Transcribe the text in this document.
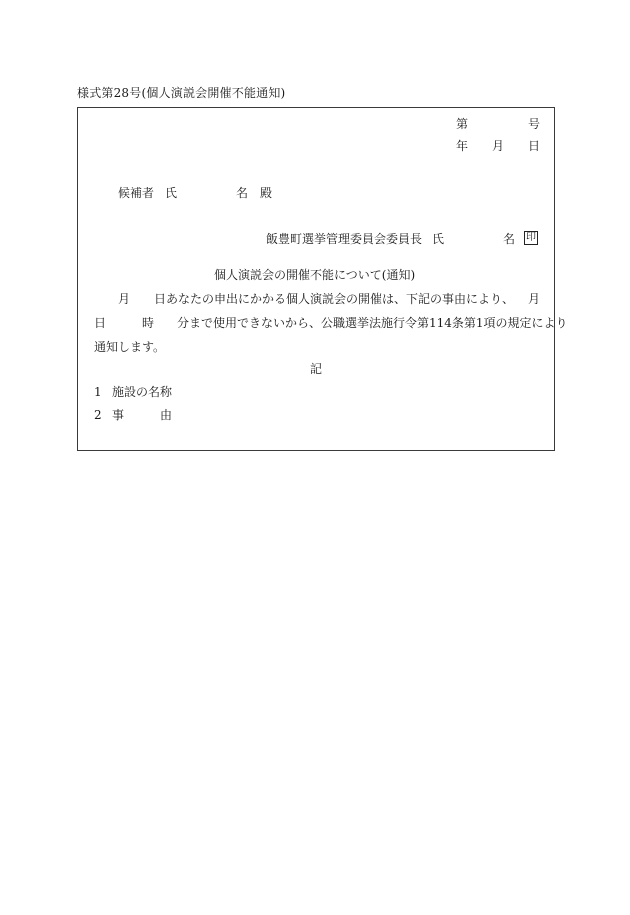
様式第28号(個人演説会開催不能通知)
第	号
年 月 日
候補者 氏	名 殿
飯豊町選挙管理委員会委員長 氏	名 印
個人演説会の開催不能について(通知)
月 日あなたの申出にかかる個人演説会の開催は、下記の事由により、 月
日	時 分まで使用できないから、公職選挙法施行令第114条第1項の規定により
通知します。
記
1 施設の名称
2 事	由
